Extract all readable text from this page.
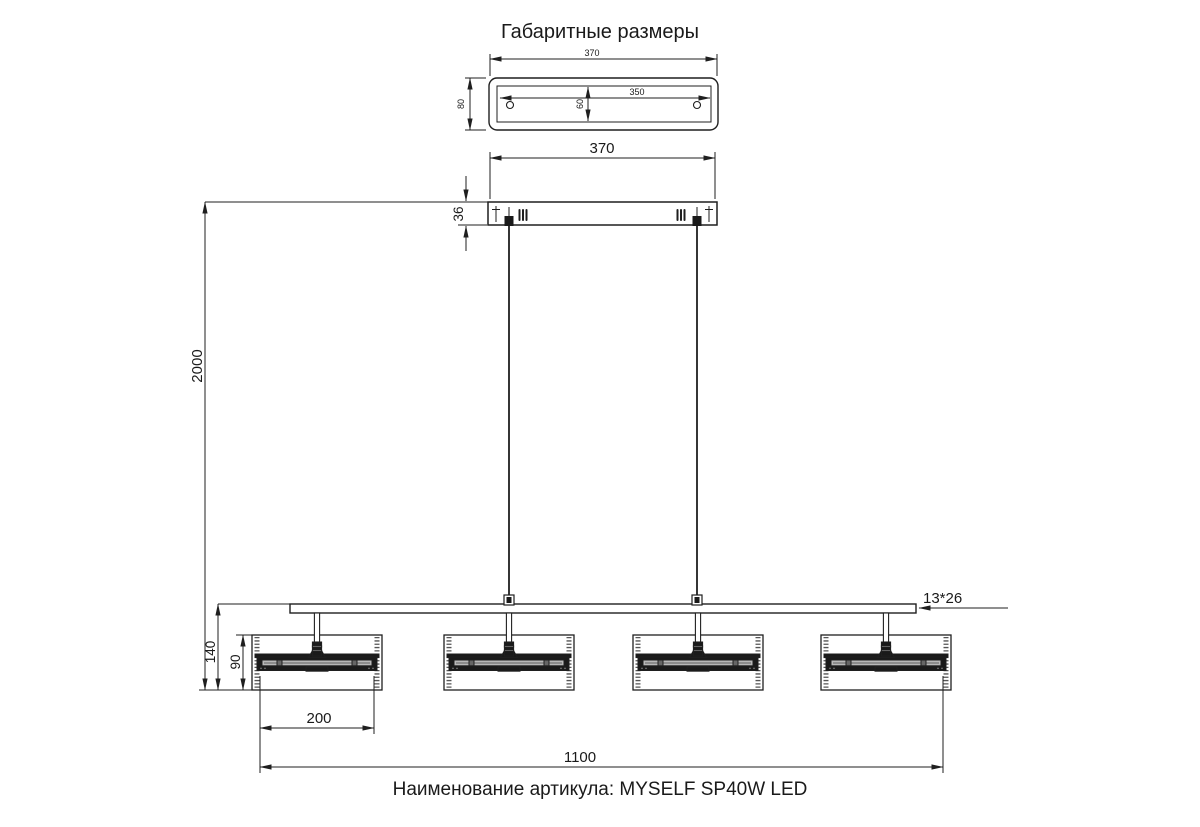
Габаритные размеры
Наименование артикула: MYSELF SP40W LED
370
80
350
60
370
36
2000
13*26
140 90
200
1100
